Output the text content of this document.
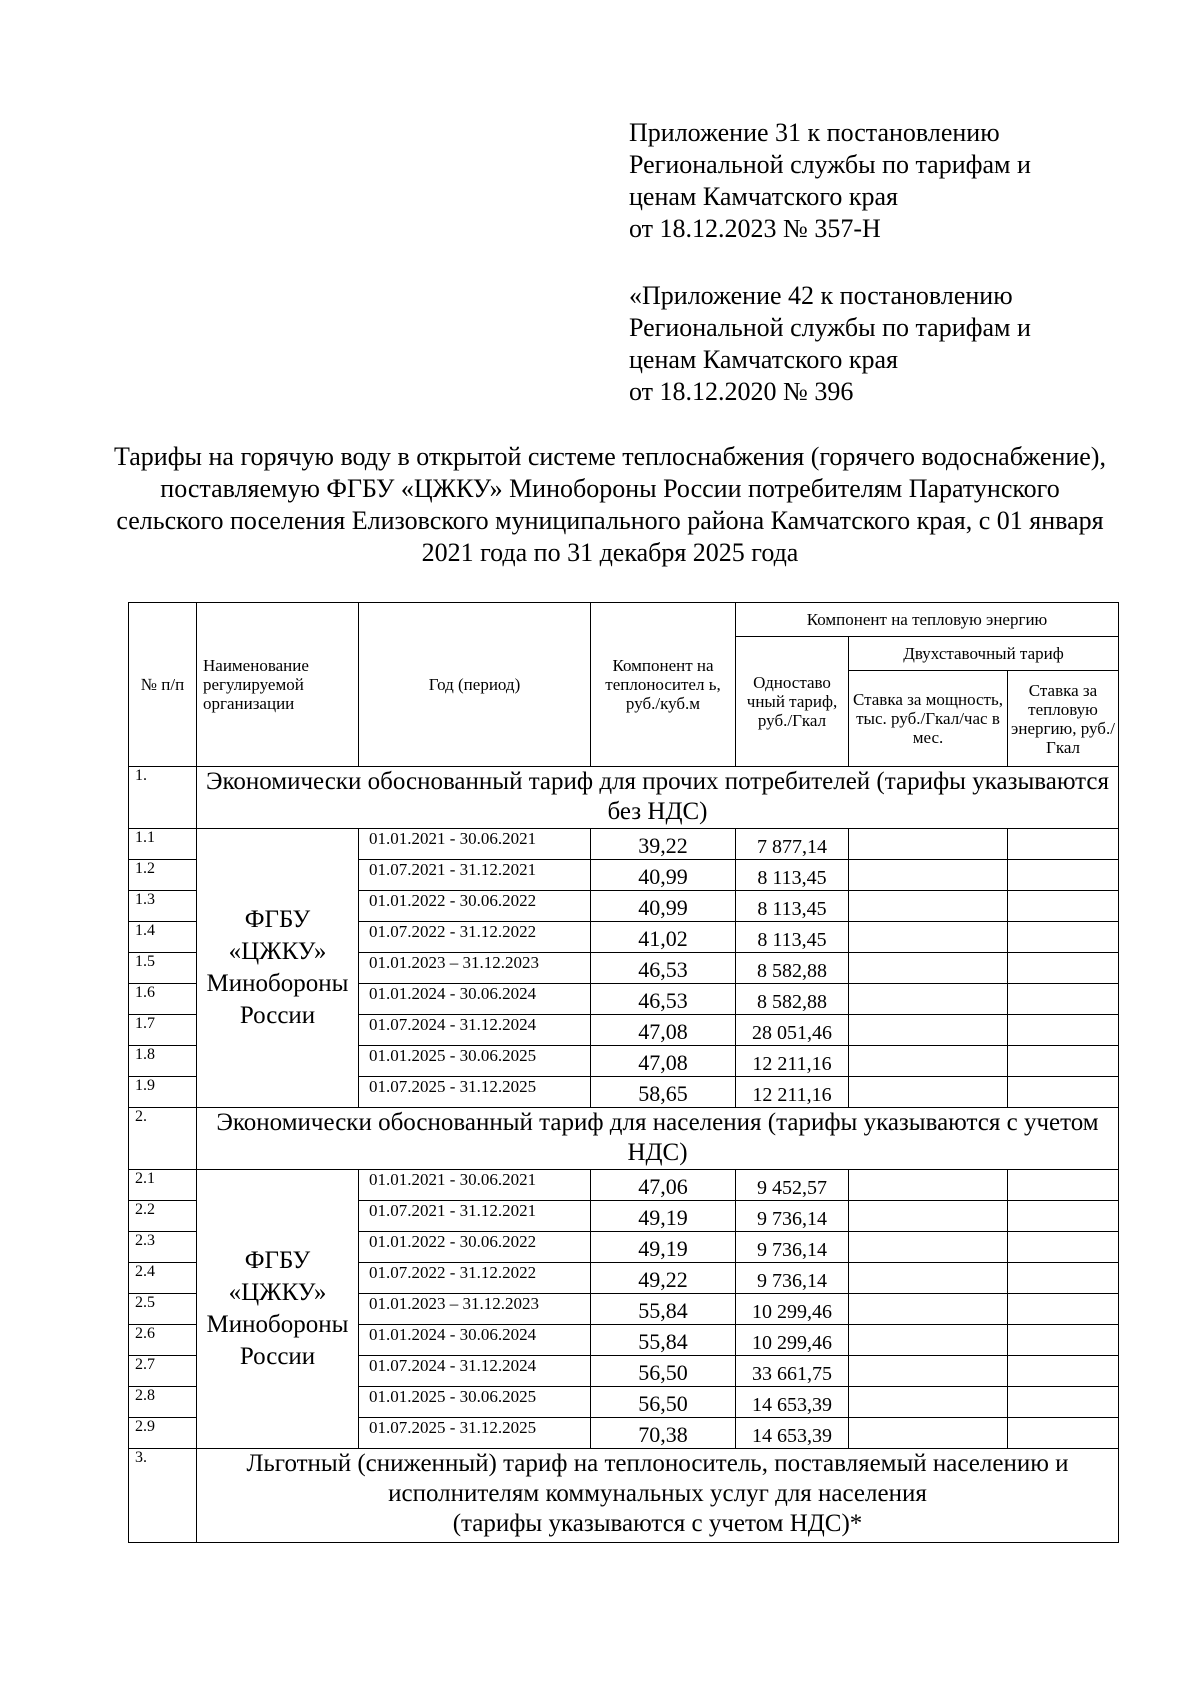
Приложение 31 к постановлению

Региональной службы по тарифам и

ценам Камчатского края

от 18.12.2023 № 357-Н

«Приложение 42 к постановлению

Региональной службы по тарифам и

ценам Камчатского края

от 18.12.2020 № 396

Тарифы на горячую воду в открытой системе теплоснабжения (горячего водоснабжение), поставляемую ФГБУ «ЦЖКУ» Минобороны России потребителям Паратунского сельского поселения Елизовского муниципального района Камчатского края, с 01 января 2021 года по 31 декабря 2025 года
№ п/п	Наименование регулируемой организации	Год (период)	Компонент на теплоносител ь, руб./куб.м	Компонент на тепловую энергию		
				Одноставо чный тариф, руб./Гкал	Двухставочный тариф	
					Ставка за мощность, тыс. руб./Гкал/час в мес.	Ставка за тепловую энергию, руб./Гкал
1.	Экономически обоснованный тариф для прочих потребителей (тарифы указываются без НДС)					
1.1	ФГБУ «ЦЖКУ» Минобороны России	01.01.2021 - 30.06.2021	39,22	7 877,14		
1.2		01.07.2021 - 31.12.2021	40,99	8 113,45		
1.3		01.01.2022 - 30.06.2022	40,99	8 113,45		
1.4		01.07.2022 - 31.12.2022	41,02	8 113,45		
1.5		01.01.2023 – 31.12.2023	46,53	8 582,88		
1.6		01.01.2024 - 30.06.2024	46,53	8 582,88		
1.7		01.07.2024 - 31.12.2024	47,08	28 051,46		
1.8		01.01.2025 - 30.06.2025	47,08	12 211,16		
1.9		01.07.2025 - 31.12.2025	58,65	12 211,16		
2.	Экономически обоснованный тариф для населения (тарифы указываются с учетом НДС)					
2.1	ФГБУ «ЦЖКУ» Минобороны России	01.01.2021 - 30.06.2021	47,06	9 452,57		
2.2		01.07.2021 - 31.12.2021	49,19	9 736,14		
2.3		01.01.2022 - 30.06.2022	49,19	9 736,14		
2.4		01.07.2022 - 31.12.2022	49,22	9 736,14		
2.5		01.01.2023 – 31.12.2023	55,84	10 299,46		
2.6		01.01.2024 - 30.06.2024	55,84	10 299,46		
2.7		01.07.2024 - 31.12.2024	56,50	33 661,75		
2.8		01.01.2025 - 30.06.2025	56,50	14 653,39		
2.9		01.07.2025 - 31.12.2025	70,38	14 653,39		
3.	Льготный (сниженный) тариф на теплоноситель, поставляемый населению и
исполнителям коммунальных услуг для населения
(тарифы указываются с учетом НДС)*					
